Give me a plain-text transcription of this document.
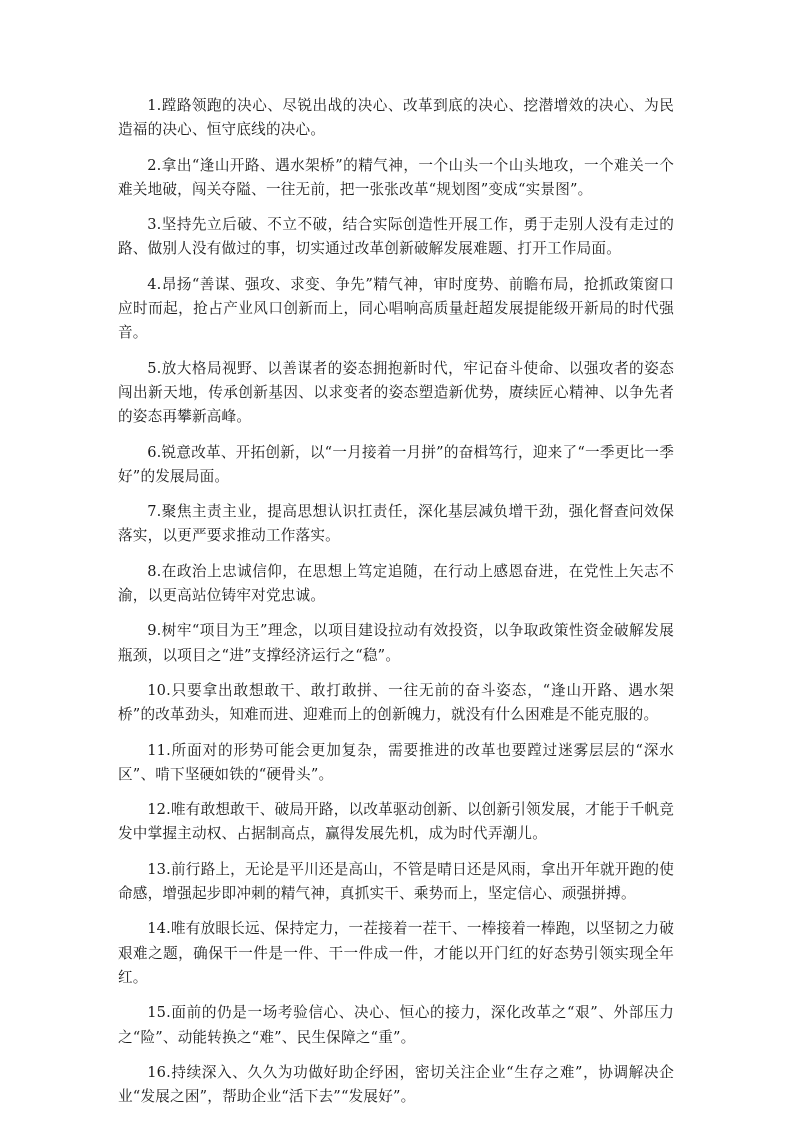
1.蹚路领跑的决心、尽锐出战的决心、改革到底的决心、挖潜增效的决心、为民造福的决心、恒守底线的决心。

2.拿出“逢山开路、遇水架桥”的精气神，一个山头一个山头地攻，一个难关一个难关地破，闯关夺隘、一往无前，把一张张改革“规划图”变成“实景图”。

3.坚持先立后破、不立不破，结合实际创造性开展工作，勇于走别人没有走过的路、做别人没有做过的事，切实通过改革创新破解发展难题、打开工作局面。

4.昂扬“善谋、强攻、求变、争先”精气神，审时度势、前瞻布局，抢抓政策窗口应时而起，抢占产业风口创新而上，同心唱响高质量赶超发展提能级开新局的时代强音。

5.放大格局视野、以善谋者的姿态拥抱新时代，牢记奋斗使命、以强攻者的姿态闯出新天地，传承创新基因、以求变者的姿态塑造新优势，赓续匠心精神、以争先者的姿态再攀新高峰。

6.锐意改革、开拓创新，以“一月接着一月拼”的奋楫笃行，迎来了“一季更比一季好”的发展局面。

7.聚焦主责主业，提高思想认识扛责任，深化基层减负增干劲，强化督查问效保落实，以更严要求推动工作落实。

8.在政治上忠诚信仰，在思想上笃定追随，在行动上感恩奋进，在党性上矢志不渝，以更高站位铸牢对党忠诚。

9.树牢“项目为王”理念，以项目建设拉动有效投资，以争取政策性资金破解发展瓶颈，以项目之“进”支撑经济运行之“稳”。

10.只要拿出敢想敢干、敢打敢拼、一往无前的奋斗姿态，“逢山开路、遇水架桥”的改革劲头，知难而进、迎难而上的创新魄力，就没有什么困难是不能克服的。

11.所面对的形势可能会更加复杂，需要推进的改革也要蹚过迷雾层层的“深水区”、啃下坚硬如铁的“硬骨头”。

12.唯有敢想敢干、破局开路，以改革驱动创新、以创新引领发展，才能于千帆竞发中掌握主动权、占据制高点，赢得发展先机，成为时代弄潮儿。

13.前行路上，无论是平川还是高山，不管是晴日还是风雨，拿出开年就开跑的使命感，增强起步即冲刺的精气神，真抓实干、乘势而上，坚定信心、顽强拼搏。

14.唯有放眼长远、保持定力，一茬接着一茬干、一棒接着一棒跑，以坚韧之力破艰难之题，确保干一件是一件、干一件成一件，才能以开门红的好态势引领实现全年红。

15.面前的仍是一场考验信心、决心、恒心的接力，深化改革之“艰”、外部压力之“险”、动能转换之“难”、民生保障之“重”。

16.持续深入、久久为功做好助企纾困，密切关注企业“生存之难”，协调解决企业“发展之困”，帮助企业“活下去”“发展好”。
